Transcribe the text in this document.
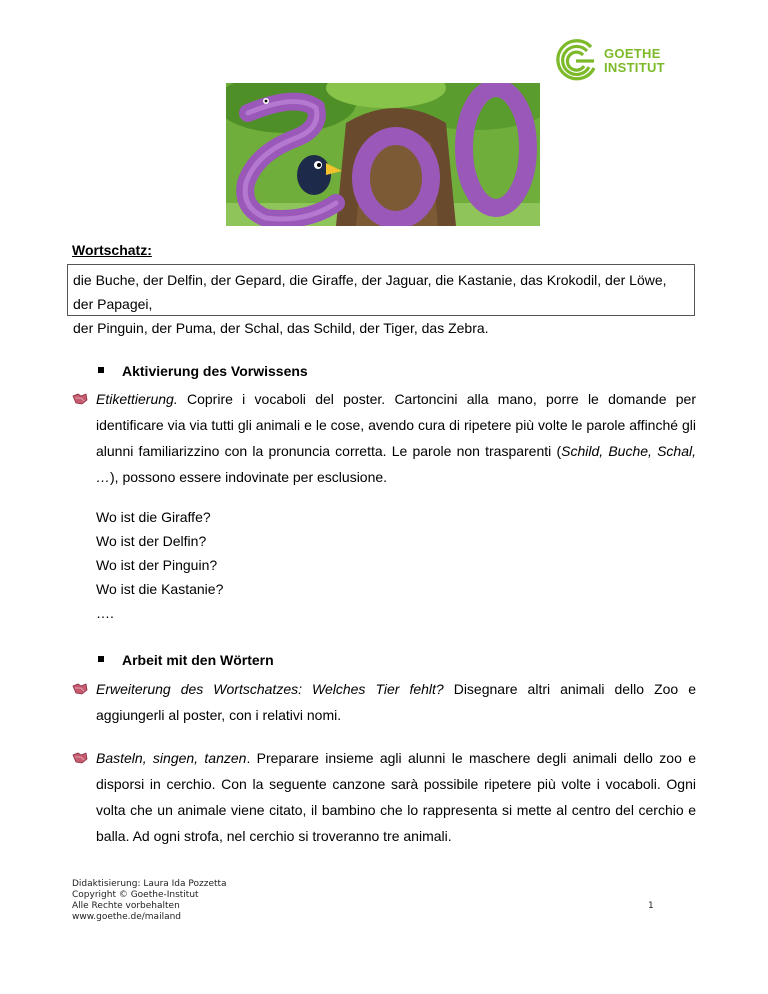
GOETHE
INSTITUT
Wortschatz:
die Buche, der Delfin, der Gepard, die Giraffe, der Jaguar, die Kastanie, das Krokodil, der Löwe, der Papagei,
der Pinguin, der Puma, der Schal, das Schild, der Tiger, das Zebra.
Aktivierung des Vorwissens
Etikettierung. Coprire i vocaboli del poster. Cartoncini alla mano, porre le domande per identificare via via tutti gli animali e le cose, avendo cura di ripetere più volte le parole affinché gli alunni familiarizzino con la pronuncia corretta. Le parole non trasparenti (Schild, Buche, Schal, …), possono essere indovinate per esclusione.
Wo ist die Giraffe?
Wo ist der Delfin?
Wo ist der Pinguin?
Wo ist die Kastanie?
….
Arbeit mit den Wörtern
Erweiterung des Wortschatzes: Welches Tier fehlt? Disegnare altri animali dello Zoo e aggiungerli al poster, con i relativi nomi.
Basteln, singen, tanzen. Preparare insieme agli alunni le maschere degli animali dello zoo e disporsi in cerchio. Con la seguente canzone sarà possibile ripetere più volte i vocaboli. Ogni volta che un animale viene citato, il bambino che lo rappresenta si mette al centro del cerchio e balla. Ad ogni strofa, nel cerchio si troveranno tre animali.
Didaktisierung: Laura Ida Pozzetta
Copyright © Goethe-Institut
Alle Rechte vorbehalten
www.goethe.de/mailand
1
